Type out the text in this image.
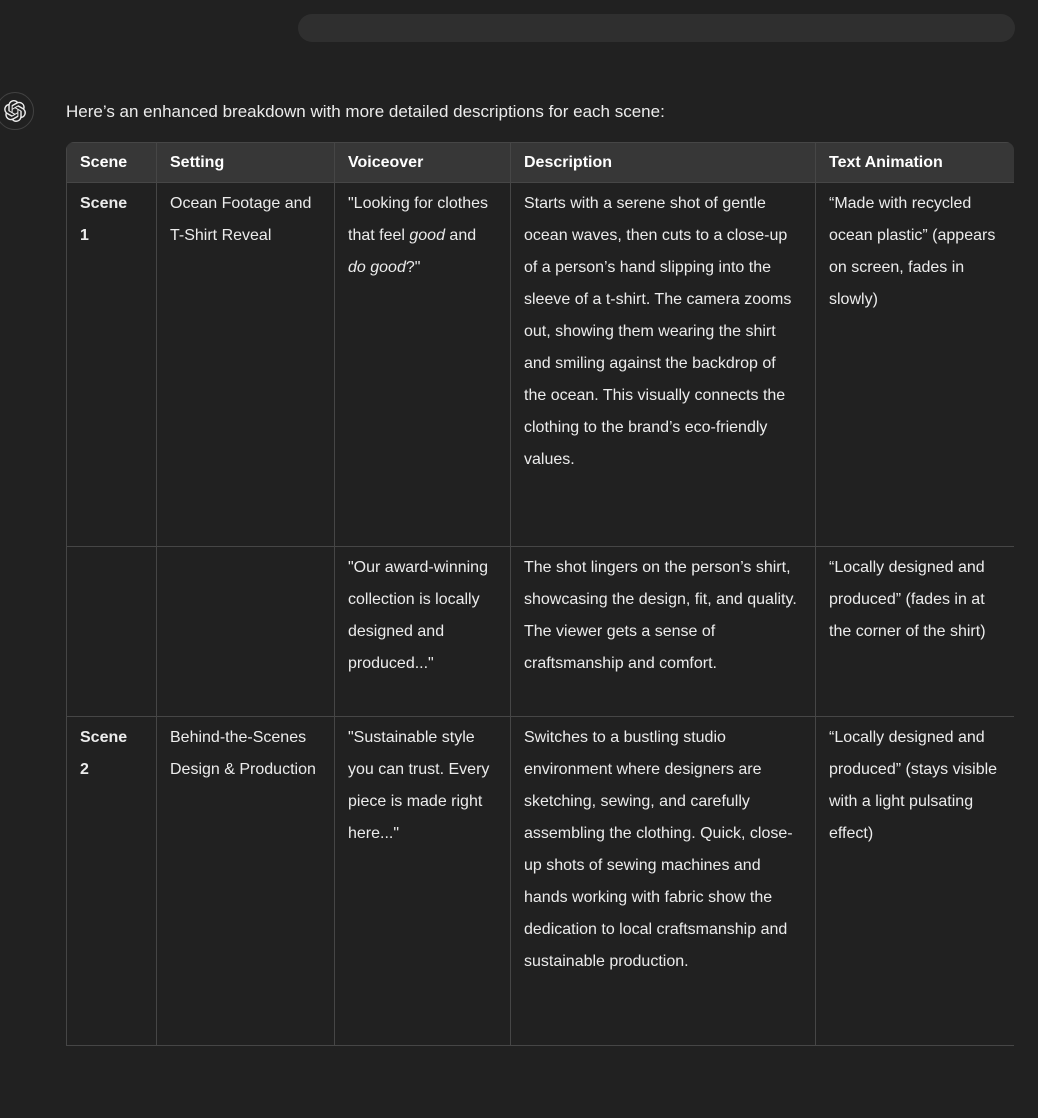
Here’s an enhanced breakdown with more detailed descriptions for each scene:

Scene	Setting	Voiceover	Description	Text Animation
Scene 1	Ocean Footage and T-Shirt Reveal	"Looking for clothes that feel good and do good?"	Starts with a serene shot of gentle ocean waves, then cuts to a close-up of a person’s hand slipping into the sleeve of a t-shirt. The camera zooms out, showing them wearing the shirt and smiling against the backdrop of the ocean. This visually connects the clothing to the brand’s eco-friendly values.	“Made with recycled ocean plastic” (appears on screen, fades in slowly)
		"Our award-winning collection is locally designed and produced..."	The shot lingers on the person’s shirt, showcasing the design, fit, and quality. The viewer gets a sense of craftsmanship and comfort.	“Locally designed and produced” (fades in at the corner of the shirt)
Scene 2	Behind-the-Scenes Design & Production	"Sustainable style you can trust. Every piece is made right here..."	Switches to a bustling studio environment where designers are sketching, sewing, and carefully assembling the clothing. Quick, close-up shots of sewing machines and hands working with fabric show the dedication to local craftsmanship and sustainable production.	“Locally designed and produced” (stays visible with a light pulsating effect)
